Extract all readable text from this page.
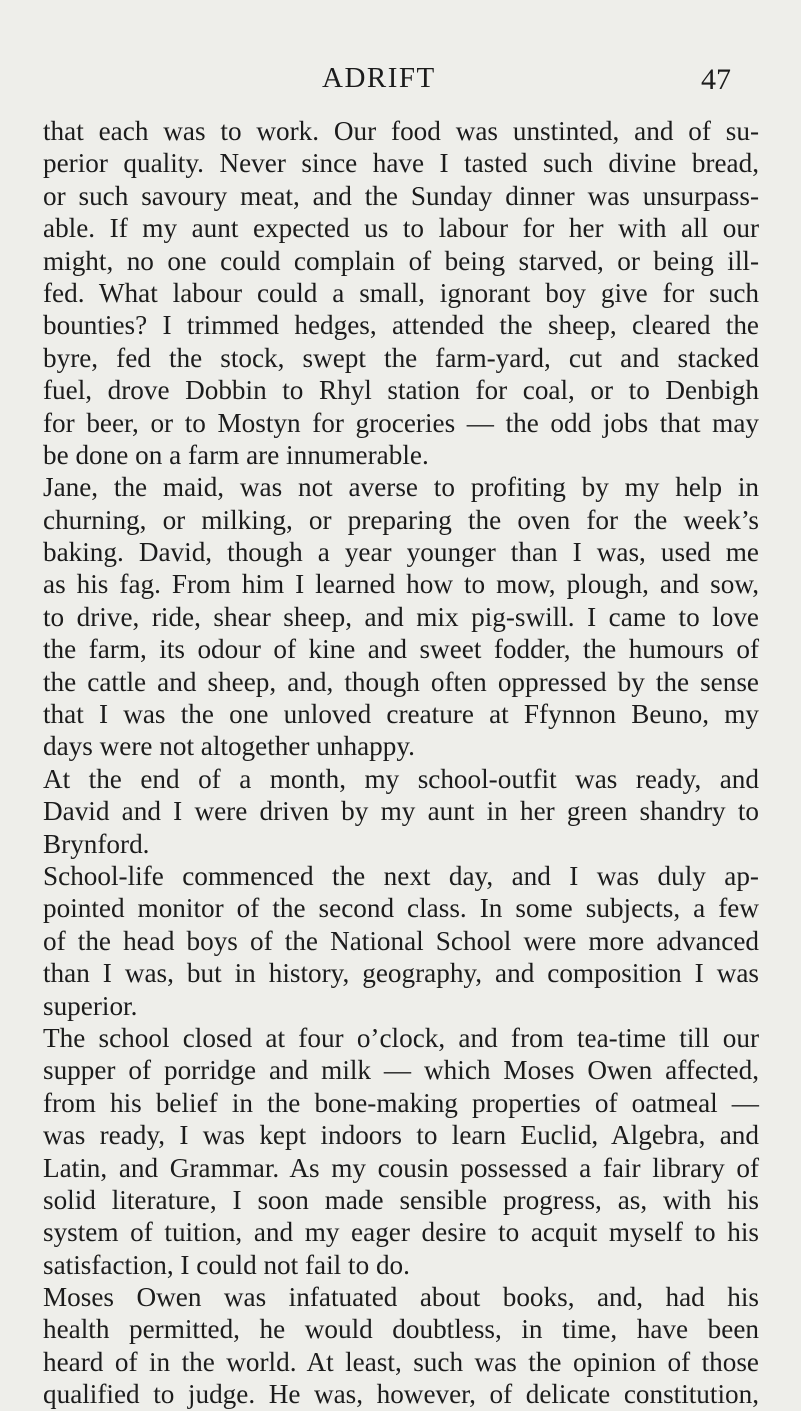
ADRIFT	47
that each was to work. Our food was unstinted, and of su-
perior quality. Never since have I tasted such divine bread,
or such savoury meat, and the Sunday dinner was unsurpass-
able. If my aunt expected us to labour for her with all our
might, no one could complain of being starved, or being ill-
fed. What labour could a small, ignorant boy give for such
bounties? I trimmed hedges, attended the sheep, cleared the
byre, fed the stock, swept the farm-yard, cut and stacked
fuel, drove Dobbin to Rhyl station for coal, or to Denbigh
for beer, or to Mostyn for groceries — the odd jobs that may
be done on a farm are innumerable.
Jane, the maid, was not averse to profiting by my help in
churning, or milking, or preparing the oven for the week’s
baking. David, though a year younger than I was, used me
as his fag. From him I learned how to mow, plough, and sow,
to drive, ride, shear sheep, and mix pig-swill. I came to love
the farm, its odour of kine and sweet fodder, the humours of
the cattle and sheep, and, though often oppressed by the sense
that I was the one unloved creature at Ffynnon Beuno, my
days were not altogether unhappy.
At the end of a month, my school-outfit was ready, and
David and I were driven by my aunt in her green shandry to
Brynford.
School-life commenced the next day, and I was duly ap-
pointed monitor of the second class. In some subjects, a few
of the head boys of the National School were more advanced
than I was, but in history, geography, and composition I was
superior.
The school closed at four o’clock, and from tea-time till our
supper of porridge and milk — which Moses Owen affected,
from his belief in the bone-making properties of oatmeal —
was ready, I was kept indoors to learn Euclid, Algebra, and
Latin, and Grammar. As my cousin possessed a fair library of
solid literature, I soon made sensible progress, as, with his
system of tuition, and my eager desire to acquit myself to his
satisfaction, I could not fail to do.
Moses Owen was infatuated about books, and, had his
health permitted, he would doubtless, in time, have been
heard of in the world. At least, such was the opinion of those
qualified to judge. He was, however, of delicate constitution,
